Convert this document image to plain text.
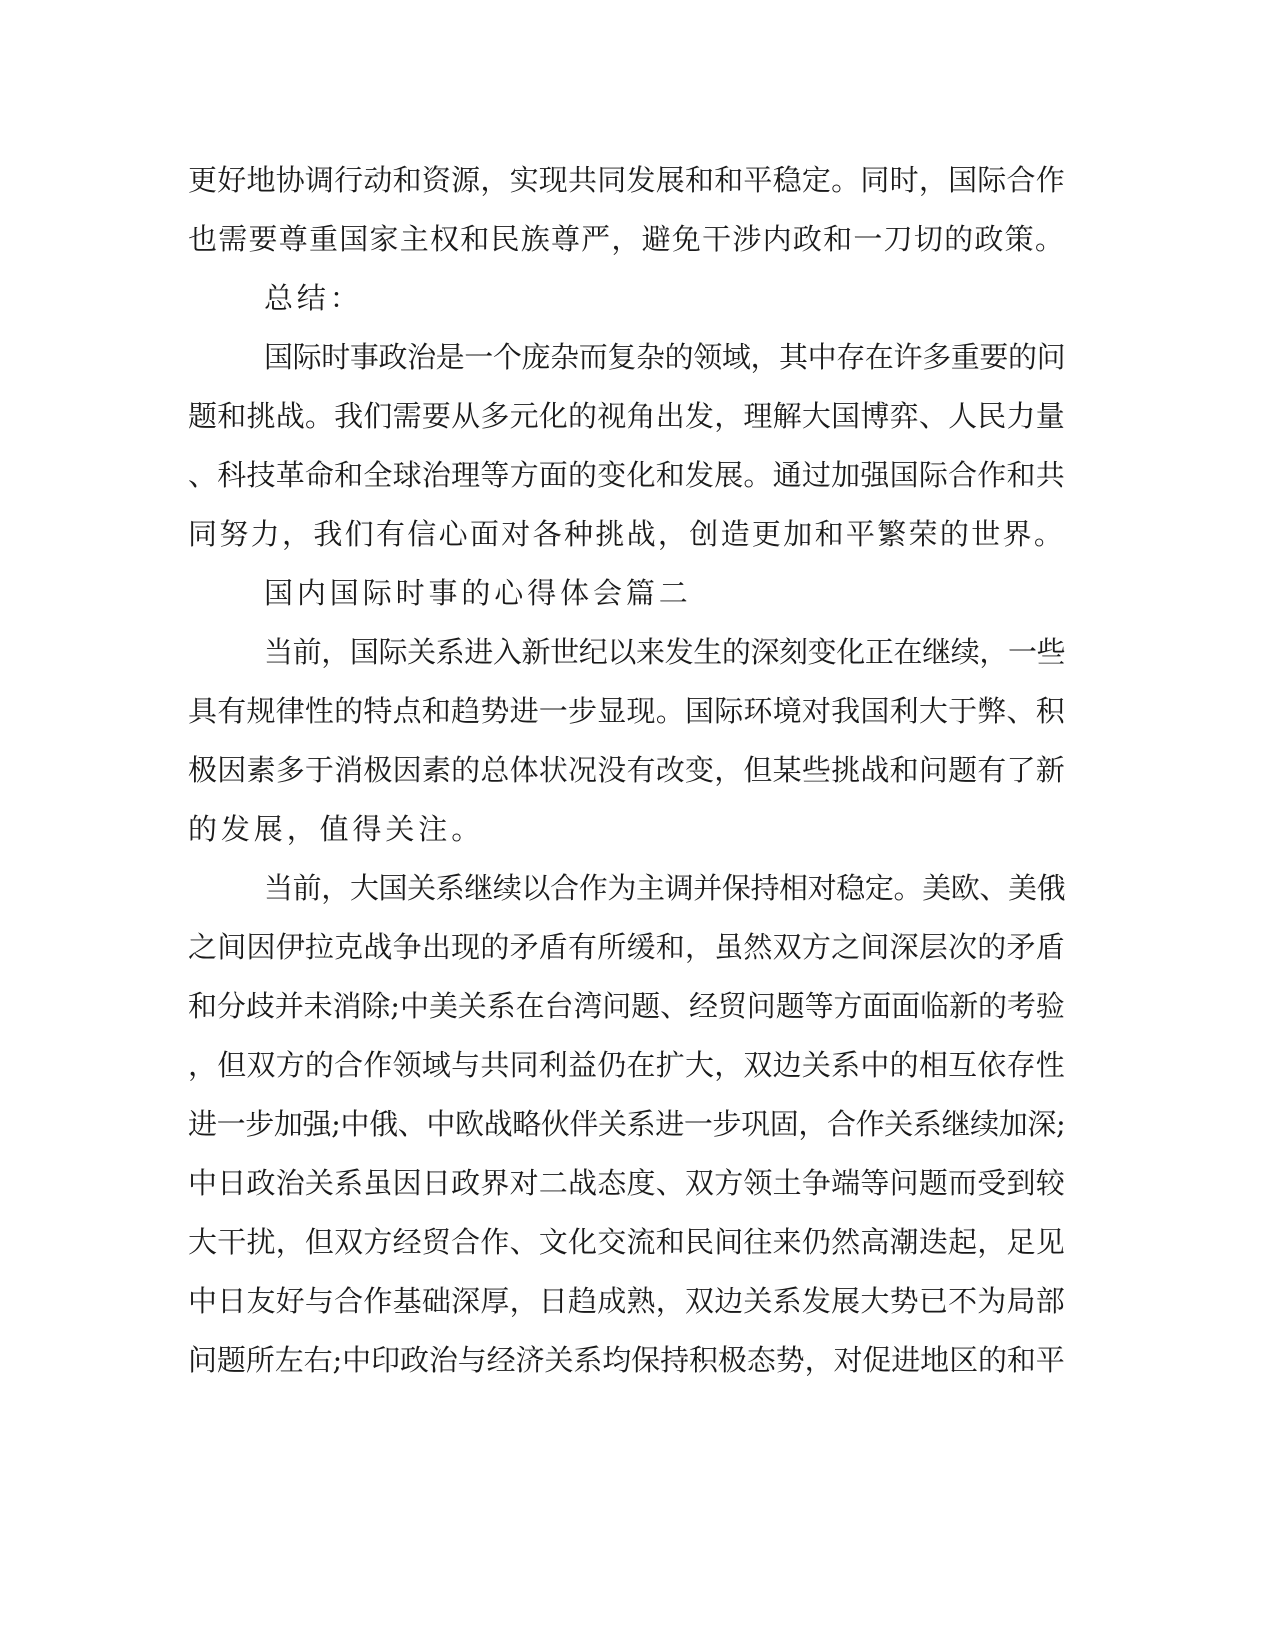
更好地协调行动和资源，实现共同发展和和平稳定。同时，国际合作
也需要尊重国家主权和民族尊严，避免干涉内政和一刀切的政策。
总结：
国际时事政治是一个庞杂而复杂的领域，其中存在许多重要的问
题和挑战。我们需要从多元化的视角出发，理解大国博弈、人民力量
、科技革命和全球治理等方面的变化和发展。通过加强国际合作和共
同努力，我们有信心面对各种挑战，创造更加和平繁荣的世界。
国内国际时事的心得体会篇二
当前，国际关系进入新世纪以来发生的深刻变化正在继续，一些
具有规律性的特点和趋势进一步显现。国际环境对我国利大于弊、积
极因素多于消极因素的总体状况没有改变，但某些挑战和问题有了新
的发展，值得关注。
当前，大国关系继续以合作为主调并保持相对稳定。美欧、美俄
之间因伊拉克战争出现的矛盾有所缓和，虽然双方之间深层次的矛盾
和分歧并未消除;中美关系在台湾问题、经贸问题等方面面临新的考验
，但双方的合作领域与共同利益仍在扩大，双边关系中的相互依存性
进一步加强;中俄、中欧战略伙伴关系进一步巩固，合作关系继续加深;
中日政治关系虽因日政界对二战态度、双方领土争端等问题而受到较
大干扰，但双方经贸合作、文化交流和民间往来仍然高潮迭起，足见
中日友好与合作基础深厚，日趋成熟，双边关系发展大势已不为局部
问题所左右;中印政治与经济关系均保持积极态势，对促进地区的和平
